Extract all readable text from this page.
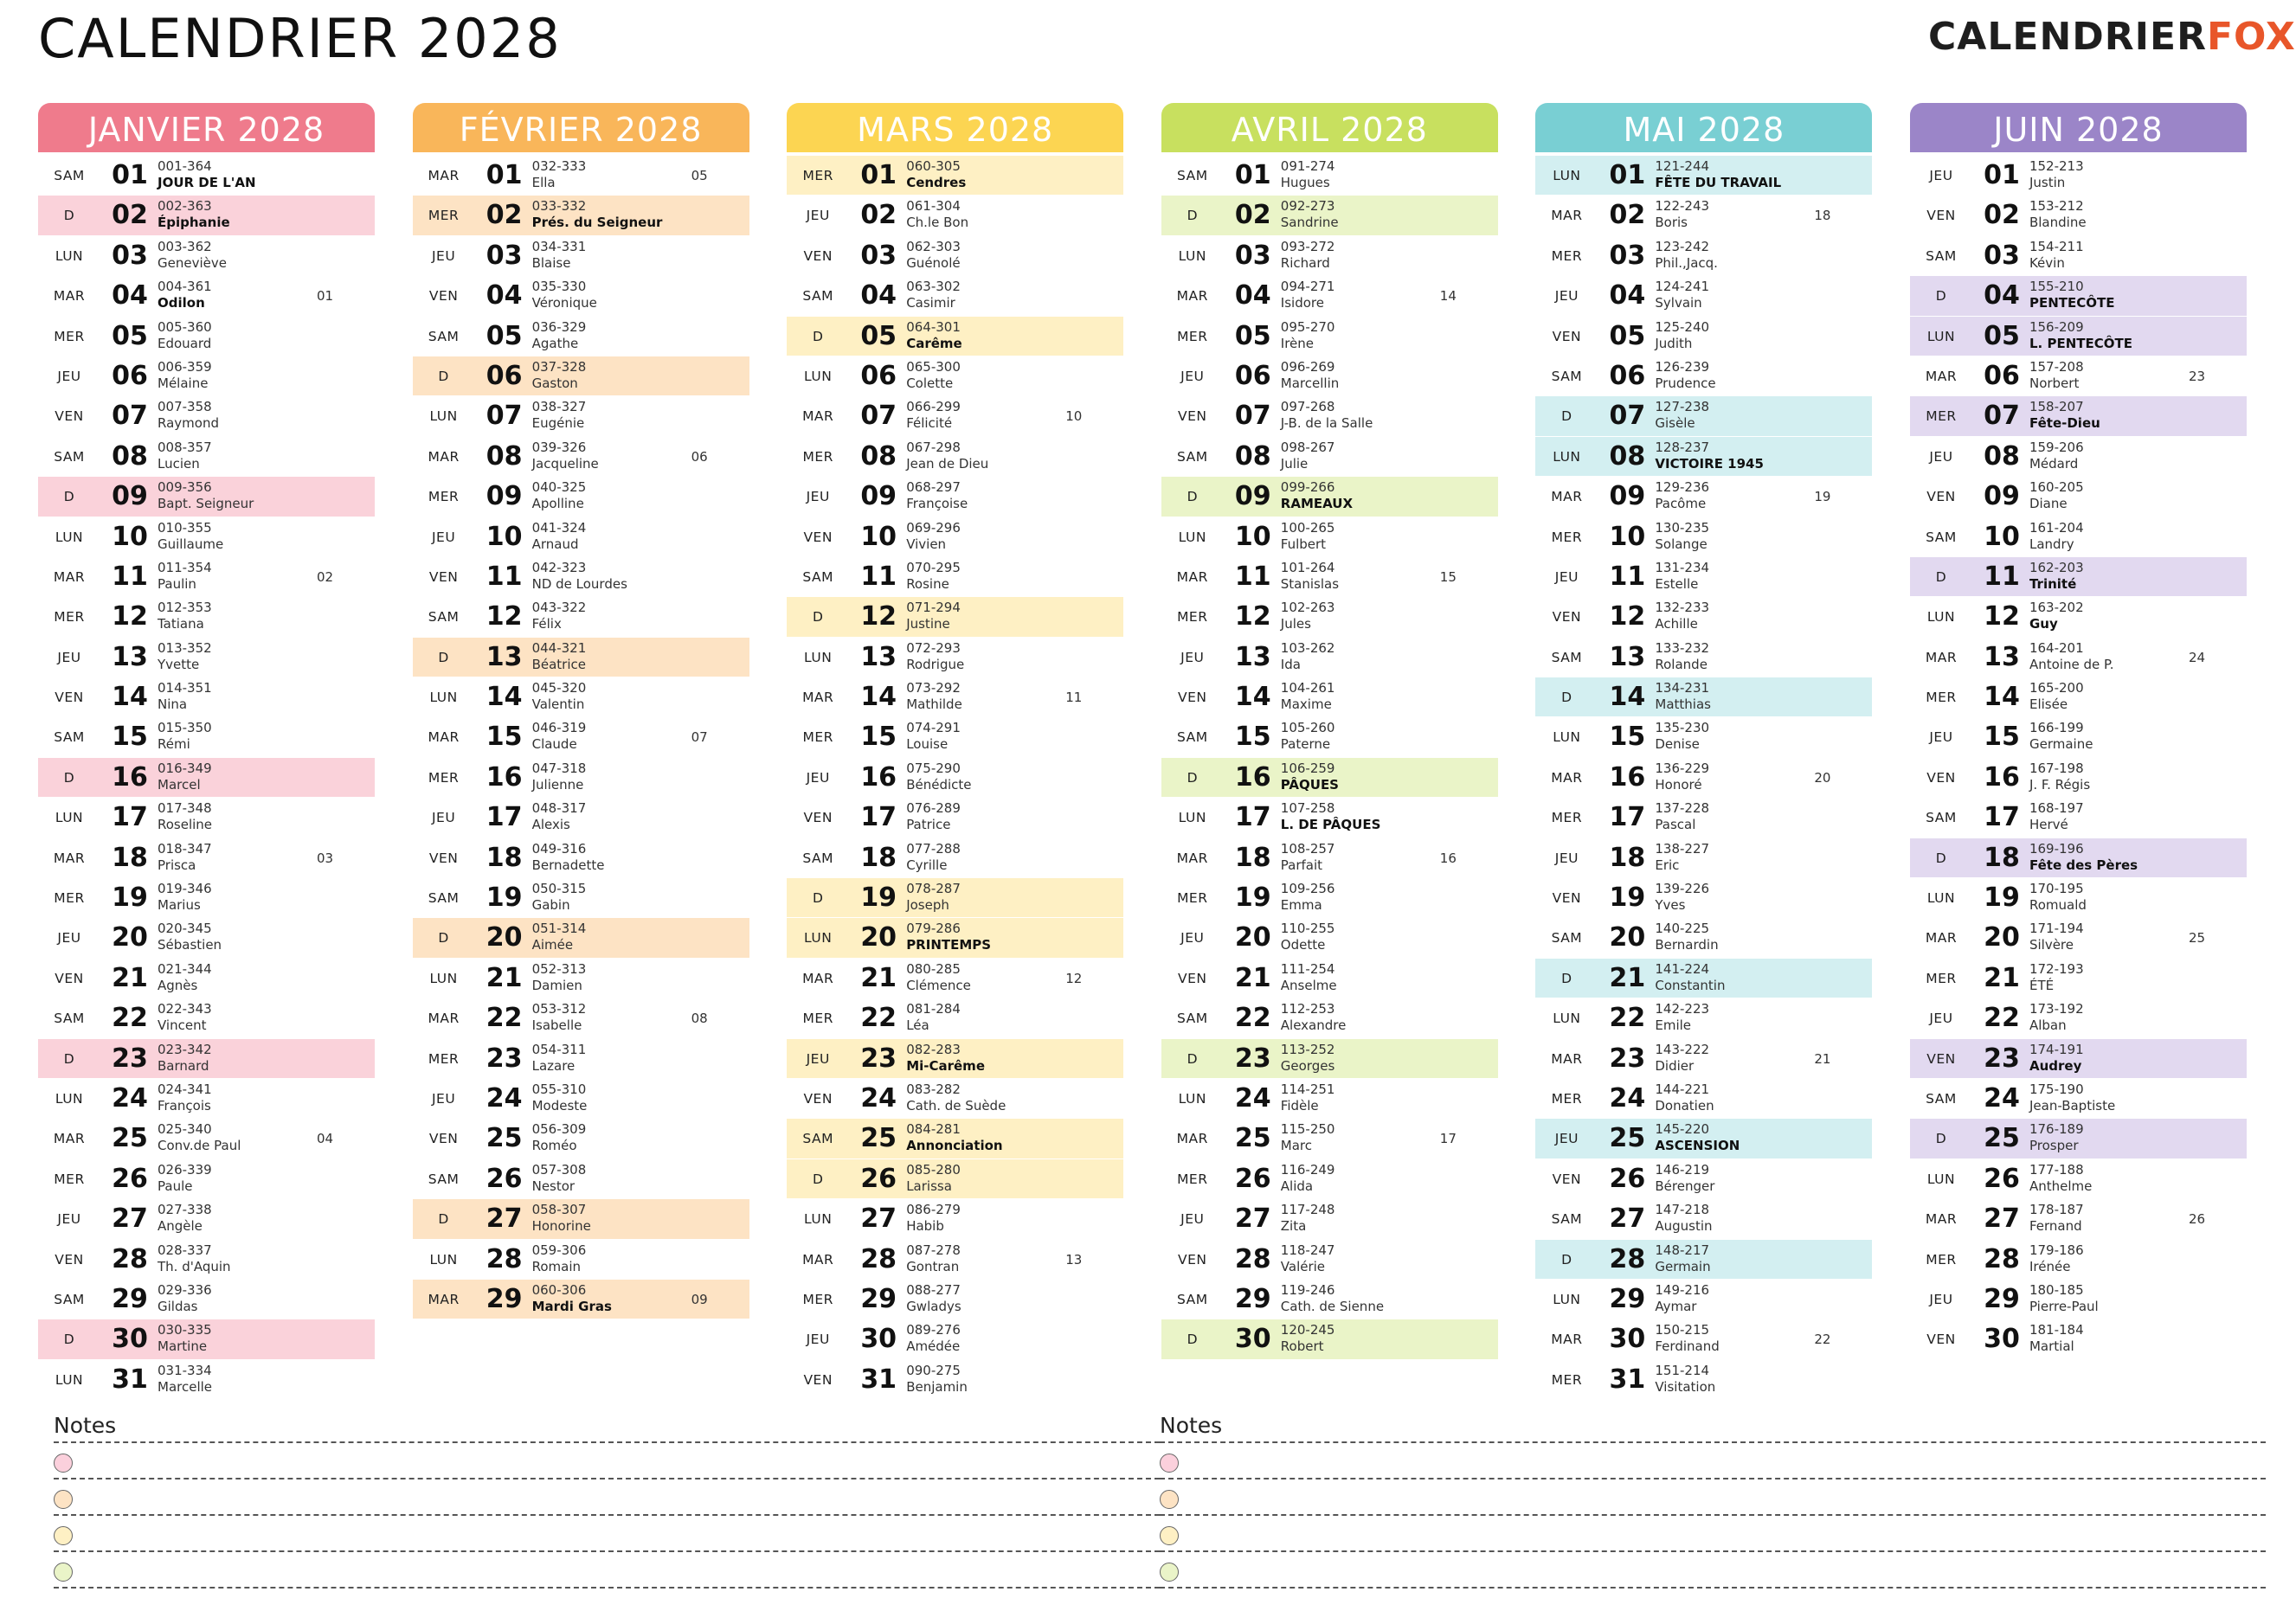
CALENDRIER 2028	CALENDRIER FOX
JANVIER 2028
SAM	01 001-364
JOUR DE L'AN
D	02 002-363
Épiphanie
LUN	03 003-362
Geneviève
MAR	04 004-361
Odilon	01
MER	05 005-360
Edouard
JEU	06 006-359
Mélaine
VEN	07 007-358
Raymond
SAM	08 008-357
Lucien
D	09 009-356
Bapt. Seigneur
LUN	10 010-355
Guillaume
MAR	11 011-354
Paulin	02
MER	12 012-353
Tatiana
JEU	13 013-352
Yvette
VEN	14 014-351
Nina
SAM	15 015-350
Rémi
D	16 016-349
Marcel
LUN	17 017-348
Roseline
MAR	18 018-347
Prisca	03
MER	19 019-346
Marius
JEU	20 020-345
Sébastien
VEN	21 021-344
Agnès
SAM	22 022-343
Vincent
D	23 023-342
Barnard
LUN	24 024-341
François
MAR	25 025-340
Conv.de Paul	04
MER	26 026-339
Paule
JEU	27 027-338
Angèle
VEN	28 028-337
Th. d'Aquin
SAM	29 029-336
Gildas
D	30 030-335
Martine
LUN	31 031-334
Marcelle
FÉVRIER 2028
MAR	01 032-333
Ella	05
MER	02 033-332
Prés. du Seigneur
JEU	03 034-331
Blaise
VEN	04 035-330
Véronique
SAM	05 036-329
Agathe
D	06 037-328
Gaston
LUN	07 038-327
Eugénie
MAR	08 039-326
Jacqueline	06
MER	09 040-325
Apolline
JEU	10 041-324
Arnaud
VEN	11 042-323
ND de Lourdes
SAM	12 043-322
Félix
D	13 044-321
Béatrice
LUN	14 045-320
Valentin
MAR	15 046-319
Claude	07
MER	16 047-318
Julienne
JEU	17 048-317
Alexis
VEN	18 049-316
Bernadette
SAM	19 050-315
Gabin
D	20 051-314
Aimée
LUN	21 052-313
Damien
MAR	22 053-312
Isabelle	08
MER	23 054-311
Lazare
JEU	24 055-310
Modeste
VEN	25 056-309
Roméo
SAM	26 057-308
Nestor
D	27 058-307
Honorine
LUN	28 059-306
Romain
MAR	29 060-306
Mardi Gras	09
MARS 2028
MER	01 060-305
Cendres
JEU	02 061-304
Ch.le Bon
VEN	03 062-303
Guénolé
SAM	04 063-302
Casimir
D	05 064-301
Carême
LUN	06 065-300
Colette
MAR	07 066-299
Félicité	10
MER	08 067-298
Jean de Dieu
JEU	09 068-297
Françoise
VEN	10 069-296
Vivien
SAM	11 070-295
Rosine
D	12 071-294
Justine
LUN	13 072-293
Rodrigue
MAR	14 073-292
Mathilde	11
MER	15 074-291
Louise
JEU	16 075-290
Bénédicte
VEN	17 076-289
Patrice
SAM	18 077-288
Cyrille
D	19 078-287
Joseph
LUN	20 079-286
PRINTEMPS
MAR	21 080-285
Clémence	12
MER	22 081-284
Léa
JEU	23 082-283
Mi-Carême
VEN	24 083-282
Cath. de Suède
SAM	25 084-281
Annonciation
D	26 085-280
Larissa
LUN	27 086-279
Habib
MAR	28 087-278
Gontran	13
MER	29 088-277
Gwladys
JEU	30 089-276
Amédée
VEN	31 090-275
Benjamin
AVRIL 2028
SAM	01 091-274
Hugues
D	02 092-273
Sandrine
LUN	03 093-272
Richard
MAR	04 094-271
Isidore	14
MER	05 095-270
Irène
JEU	06 096-269
Marcellin
VEN	07 097-268
J-B. de la Salle
SAM	08 098-267
Julie
D	09 099-266
RAMEAUX
LUN	10 100-265
Fulbert
MAR	11 101-264
Stanislas	15
MER	12 102-263
Jules
JEU	13 103-262
Ida
VEN	14 104-261
Maxime
SAM	15 105-260
Paterne
D	16 106-259
PÂQUES
LUN	17 107-258
L. DE PÂQUES
MAR	18 108-257
Parfait	16
MER	19 109-256
Emma
JEU	20 110-255
Odette
VEN	21 111-254
Anselme
SAM	22 112-253
Alexandre
D	23 113-252
Georges
LUN	24 114-251
Fidèle
MAR	25 115-250
Marc	17
MER	26 116-249
Alida
JEU	27 117-248
Zita
VEN	28 118-247
Valérie
SAM	29 119-246
Cath. de Sienne
D	30 120-245
Robert
MAI 2028
LUN	01 121-244
FÊTE DU TRAVAIL
MAR	02 122-243
Boris	18
MER	03 123-242
Phil.,Jacq.
JEU	04 124-241
Sylvain
VEN	05 125-240
Judith
SAM	06 126-239
Prudence
D	07 127-238
Gisèle
LUN	08 128-237
VICTOIRE 1945
MAR	09 129-236
Pacôme	19
MER	10 130-235
Solange
JEU	11 131-234
Estelle
VEN	12 132-233
Achille
SAM	13 133-232
Rolande
D	14 134-231
Matthias
LUN	15 135-230
Denise
MAR	16 136-229
Honoré	20
MER	17 137-228
Pascal
JEU	18 138-227
Eric
VEN	19 139-226
Yves
SAM	20 140-225
Bernardin
D	21 141-224
Constantin
LUN	22 142-223
Emile
MAR	23 143-222
Didier	21
MER	24 144-221
Donatien
JEU	25 145-220
ASCENSION
VEN	26 146-219
Bérenger
SAM	27 147-218
Augustin
D	28 148-217
Germain
LUN	29 149-216
Aymar
MAR	30 150-215
Ferdinand	22
MER	31 151-214
Visitation
JUIN 2028
JEU	01 152-213
Justin
VEN	02 153-212
Blandine
SAM	03 154-211
Kévin
D	04 155-210
PENTECÔTE
LUN	05 156-209
L. PENTECÔTE
MAR	06 157-208
Norbert	23
MER	07 158-207
Fête-Dieu
JEU	08 159-206
Médard
VEN	09 160-205
Diane
SAM	10 161-204
Landry
D	11 162-203
Trinité
LUN	12 163-202
Guy
MAR	13 164-201
Antoine de P.	24
MER	14 165-200
Elisée
JEU	15 166-199
Germaine
VEN	16 167-198
J. F. Régis
SAM	17 168-197
Hervé
D	18 169-196
Fête des Pères
LUN	19 170-195
Romuald
MAR	20 171-194
Silvère	25
MER	21 172-193
ÉTÉ
JEU	22 173-192
Alban
VEN	23 174-191
Audrey
SAM	24 175-190
Jean-Baptiste
D	25 176-189
Prosper
LUN	26 177-188
Anthelme
MAR	27 178-187
Fernand	26
MER	28 179-186
Irénée
JEU	29 180-185
Pierre-Paul
VEN	30 181-184
Martial
Notes	Notes
